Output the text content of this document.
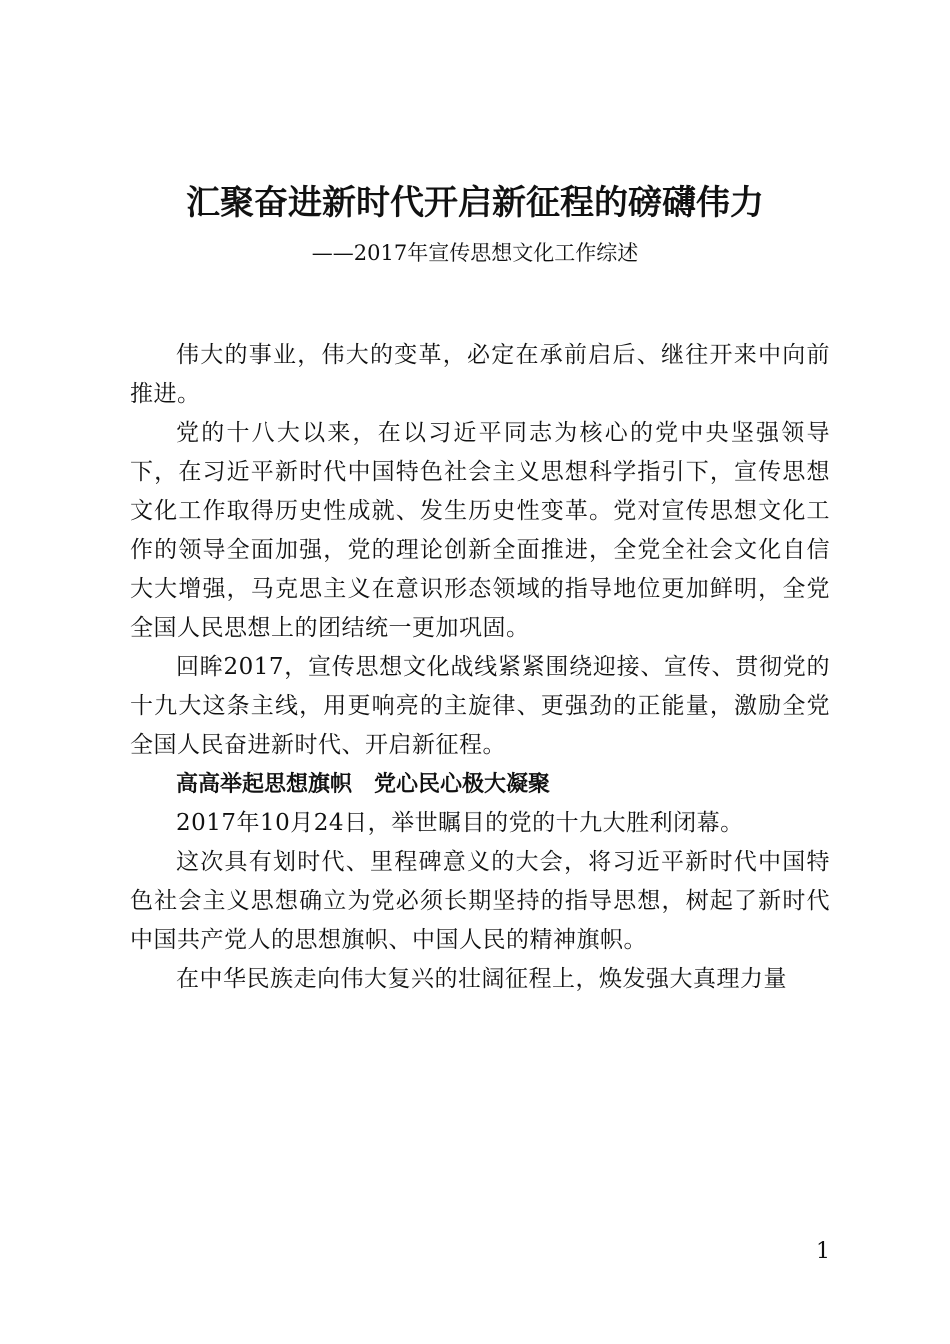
汇聚奋进新时代开启新征程的磅礴伟力
——2017年宣传思想文化工作综述

伟大的事业，伟大的变革，必定在承前启后、继往开来中向前推进。

党的十八大以来，在以习近平同志为核心的党中央坚强领导下，在习近平新时代中国特色社会主义思想科学指引下，宣传思想文化工作取得历史性成就、发生历史性变革。党对宣传思想文化工作的领导全面加强，党的理论创新全面推进，全党全社会文化自信大大增强，马克思主义在意识形态领域的指导地位更加鲜明，全党全国人民思想上的团结统一更加巩固。

回眸2017，宣传思想文化战线紧紧围绕迎接、宣传、贯彻党的十九大这条主线，用更响亮的主旋律、更强劲的正能量，激励全党全国人民奋进新时代、开启新征程。

高高举起思想旗帜　党心民心极大凝聚

2017年10月24日，举世瞩目的党的十九大胜利闭幕。

这次具有划时代、里程碑意义的大会，将习近平新时代中国特色社会主义思想确立为党必须长期坚持的指导思想，树起了新时代中国共产党人的思想旗帜、中国人民的精神旗帜。

在中华民族走向伟大复兴的壮阔征程上，焕发强大真理力量

1
